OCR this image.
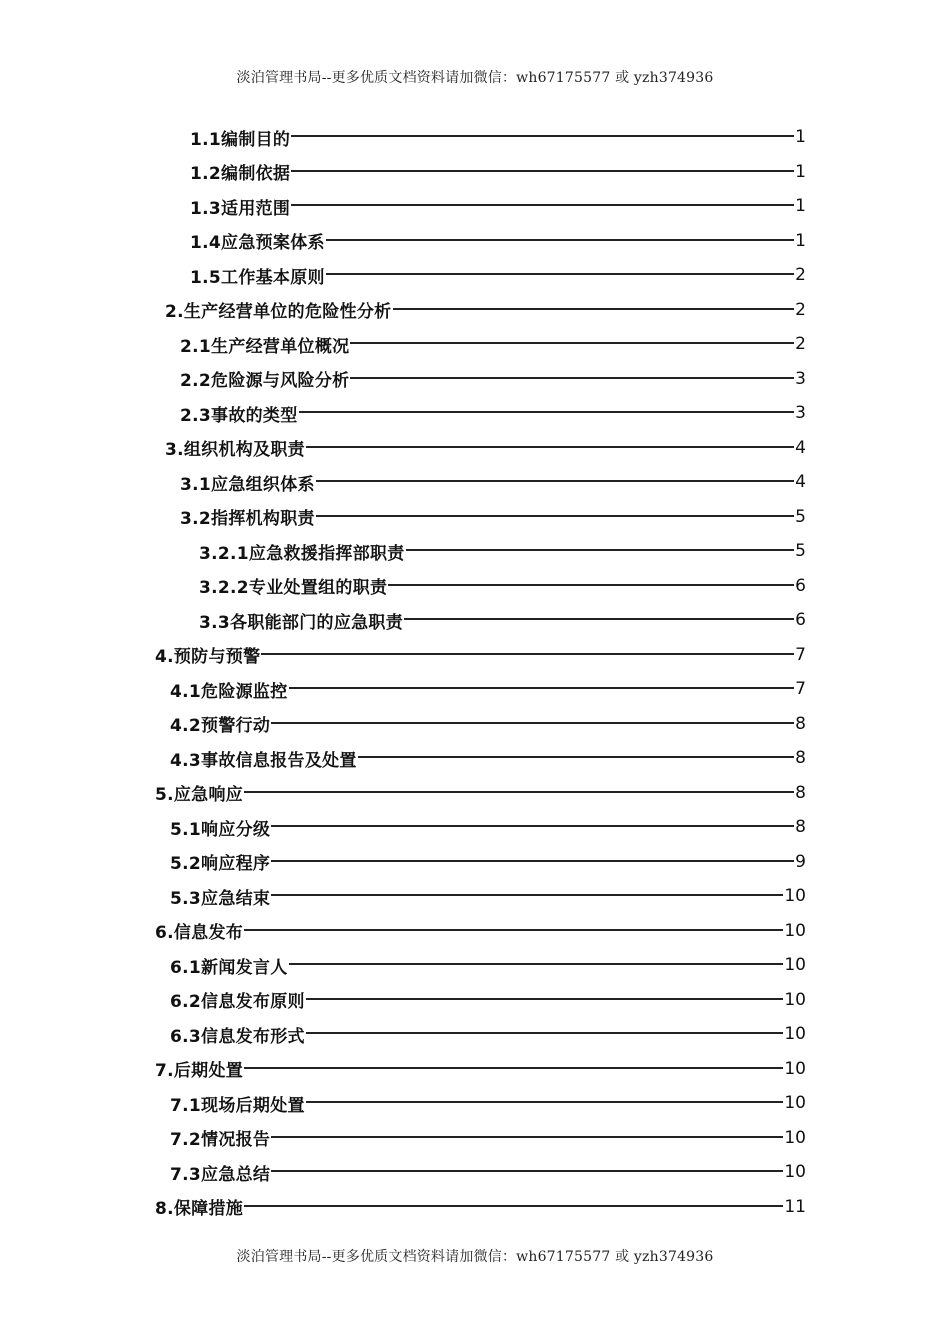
淡泊管理书局--更多优质文档资料请加微信：wh67175577 或 yzh374936
1.1编制目的	1
1.2编制依据	1
1.3适用范围	1
1.4应急预案体系	1
1.5工作基本原则	2
2.生产经营单位的危险性分析	2
2.1生产经营单位概况	2
2.2危险源与风险分析	3
2.3事故的类型	3
3.组织机构及职责	4
3.1应急组织体系	4
3.2指挥机构职责	5
3.2.1应急救援指挥部职责	5
3.2.2专业处置组的职责	6
3.3各职能部门的应急职责	6
4.预防与预警	7
4.1危险源监控	7
4.2预警行动	8
4.3事故信息报告及处置	8
5.应急响应	8
5.1响应分级	8
5.2响应程序	9
5.3应急结束	10
6.信息发布	10
6.1新闻发言人	10
6.2信息发布原则	10
6.3信息发布形式	10
7.后期处置	10
7.1现场后期处置	10
7.2情况报告	10
7.3应急总结	10
8.保障措施	11
淡泊管理书局--更多优质文档资料请加微信：wh67175577 或 yzh374936
